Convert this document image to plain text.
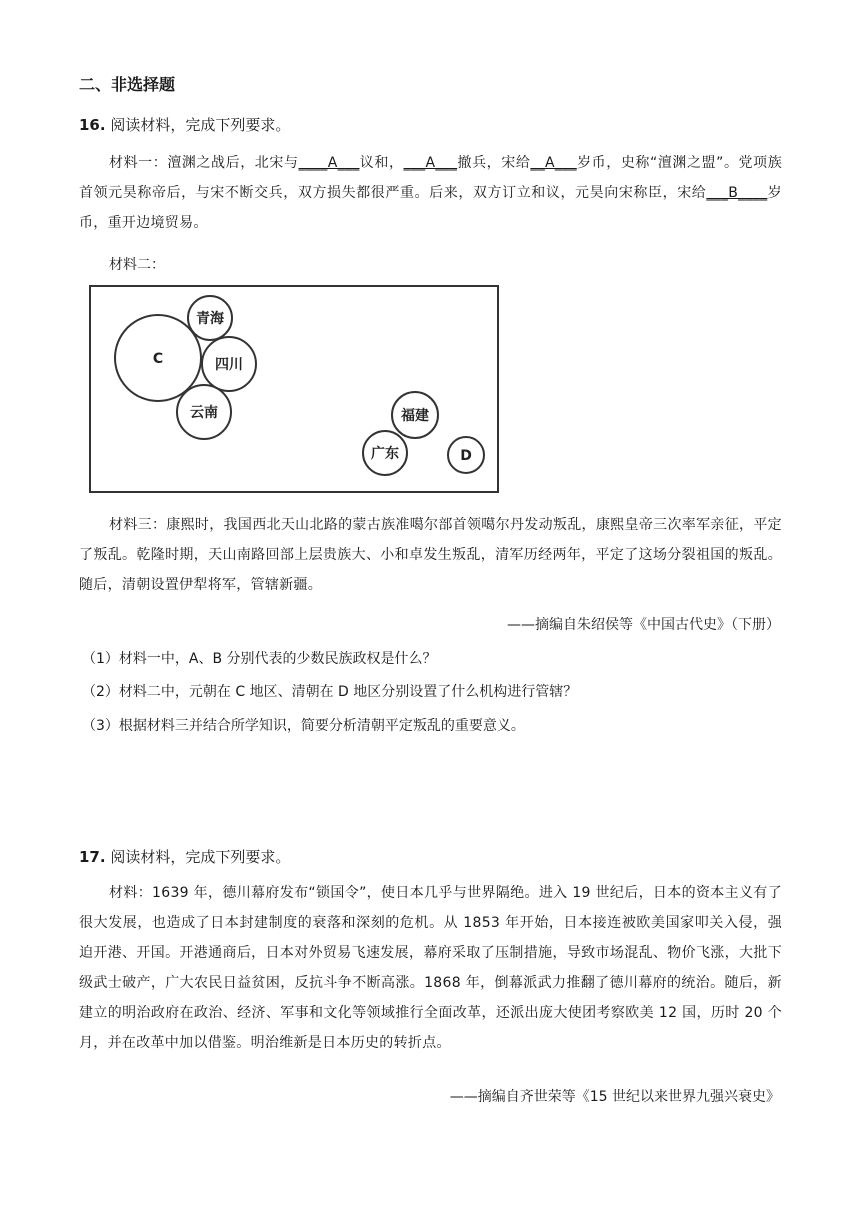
二、非选择题
16. 阅读材料，完成下列要求。
材料一：澶渊之战后，北宋与____A___议和，___A___撤兵，宋给__A___岁币，史称“澶渊之盟”。党项族首领元昊称帝后，与宋不断交兵，双方损失都很严重。后来，双方订立和议，元昊向宋称臣，宋给___B____岁币，重开边境贸易。
材料二：
C
青海
四川
云南	福建
广东	D
材料三：康熙时，我国西北天山北路的蒙古族准噶尔部首领噶尔丹发动叛乱，康熙皇帝三次率军亲征，平定了叛乱。乾隆时期，天山南路回部上层贵族大、小和卓发生叛乱，清军历经两年，平定了这场分裂祖国的叛乱。随后，清朝设置伊犁将军，管辖新疆。
——摘编自朱绍侯等《中国古代史》（下册）
（1）材料一中，A、B 分别代表的少数民族政权是什么？
（2）材料二中，元朝在 C 地区、清朝在 D 地区分别设置了什么机构进行管辖？
（3）根据材料三并结合所学知识，简要分析清朝平定叛乱的重要意义。
17. 阅读材料，完成下列要求。
材料：1639 年，德川幕府发布“锁国令”，使日本几乎与世界隔绝。进入 19 世纪后，日本的资本主义有了很大发展，也造成了日本封建制度的衰落和深刻的危机。从 1853 年开始，日本接连被欧美国家叩关入侵，强迫开港、开国。开港通商后，日本对外贸易飞速发展，幕府采取了压制措施，导致市场混乱、物价飞涨，大批下级武士破产，广大农民日益贫困，反抗斗争不断高涨。1868 年，倒幕派武力推翻了德川幕府的统治。随后，新建立的明治政府在政治、经济、军事和文化等领域推行全面改革，还派出庞大使团考察欧美 12 国，历时 20 个月，并在改革中加以借鉴。明治维新是日本历史的转折点。
——摘编自齐世荣等《15 世纪以来世界九强兴衰史》
